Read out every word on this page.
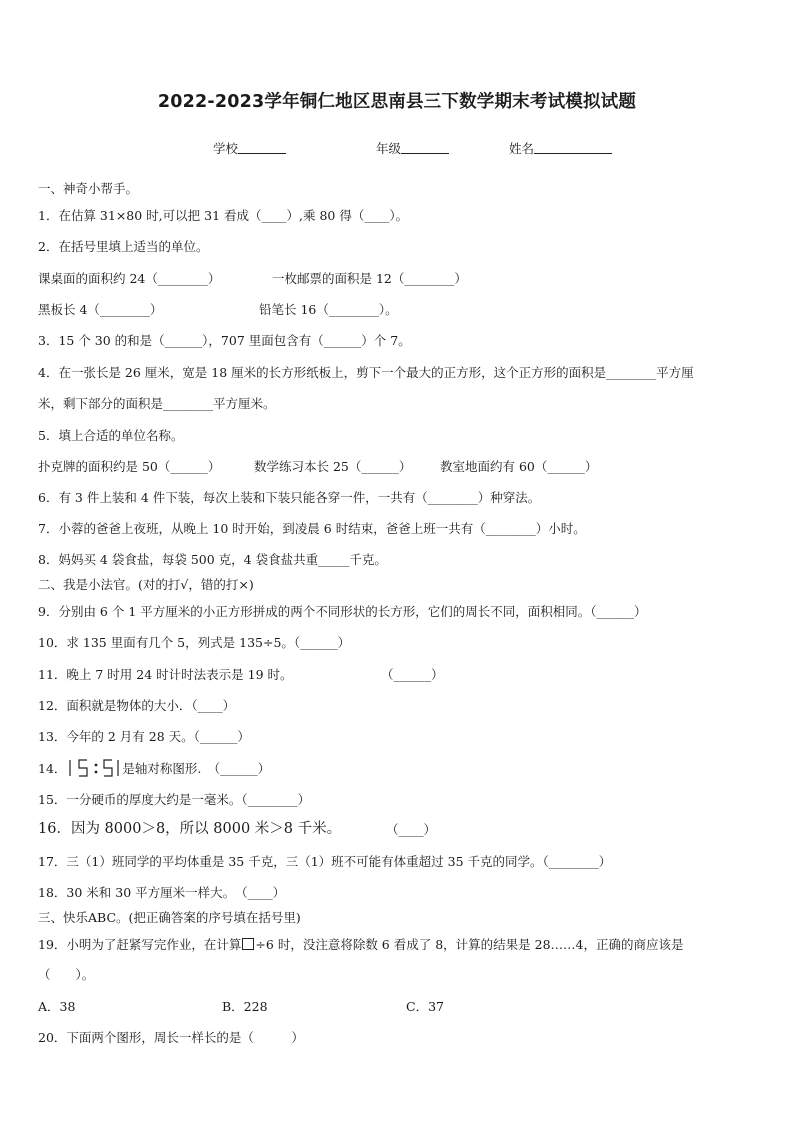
2022-2023学年铜仁地区思南县三下数学期末考试模拟试题
学校	年级	姓名
一、神奇小帮手。
1．在估算 31×80 时,可以把 31 看成（____）,乘 80 得（____）。
2．在括号里填上适当的单位。
课桌面的面积约 24（________）	一枚邮票的面积是 12（________）
黑板长 4（________）	铅笔长 16（________）。
3．15 个 30 的和是（______），707 里面包含有（______）个 7。
4．在一张长是 26 厘米，宽是 18 厘米的长方形纸板上，剪下一个最大的正方形，这个正方形的面积是________平方厘
米，剩下部分的面积是________平方厘米。
5．填上合适的单位名称。
扑克牌的面积约是 50（______）	数学练习本长 25（______） 教室地面约有 60（______）
6．有 3 件上装和 4 件下装，每次上装和下装只能各穿一件，一共有（________）种穿法。
7．小蓉的爸爸上夜班，从晚上 10 时开始，到凌晨 6 时结束，爸爸上班一共有（________）小时。
8．妈妈买 4 袋食盐，每袋 500 克，4 袋食盐共重_____千克。
二、我是小法官。(对的打√，错的打×)
9．分别由 6 个 1 平方厘米的小正方形拼成的两个不同形状的长方形，它们的周长不同，面积相同。（______）
10．求 135 里面有几个 5，列式是 135÷5。（______）
11．晚上 7 时用 24 时计时法表示是 19 时。	（______）
12．面积就是物体的大小．（____）
13．今年的 2 月有 28 天。（______）
14．	是轴对称图形.　（______）
15．一分硬币的厚度大约是一毫米。（________）
16．因为 8000＞8，所以 8000 米＞8 千米。	（____）
17．三（1）班同学的平均体重是 35 千克，三（1）班不可能有体重超过 35 千克的同学。（________）
18．30 米和 30 平方厘米一样大。　（____）
三、快乐ABC。(把正确答案的序号填在括号里)
19．小明为了赶紧写完作业，在计算 ÷6 时，没注意将除数 6 看成了 8，计算的结果是 28……4，正确的商应该是
（　　）。
A．38	B．228	C．37
20．下面两个图形，周长一样长的是（　　　）
